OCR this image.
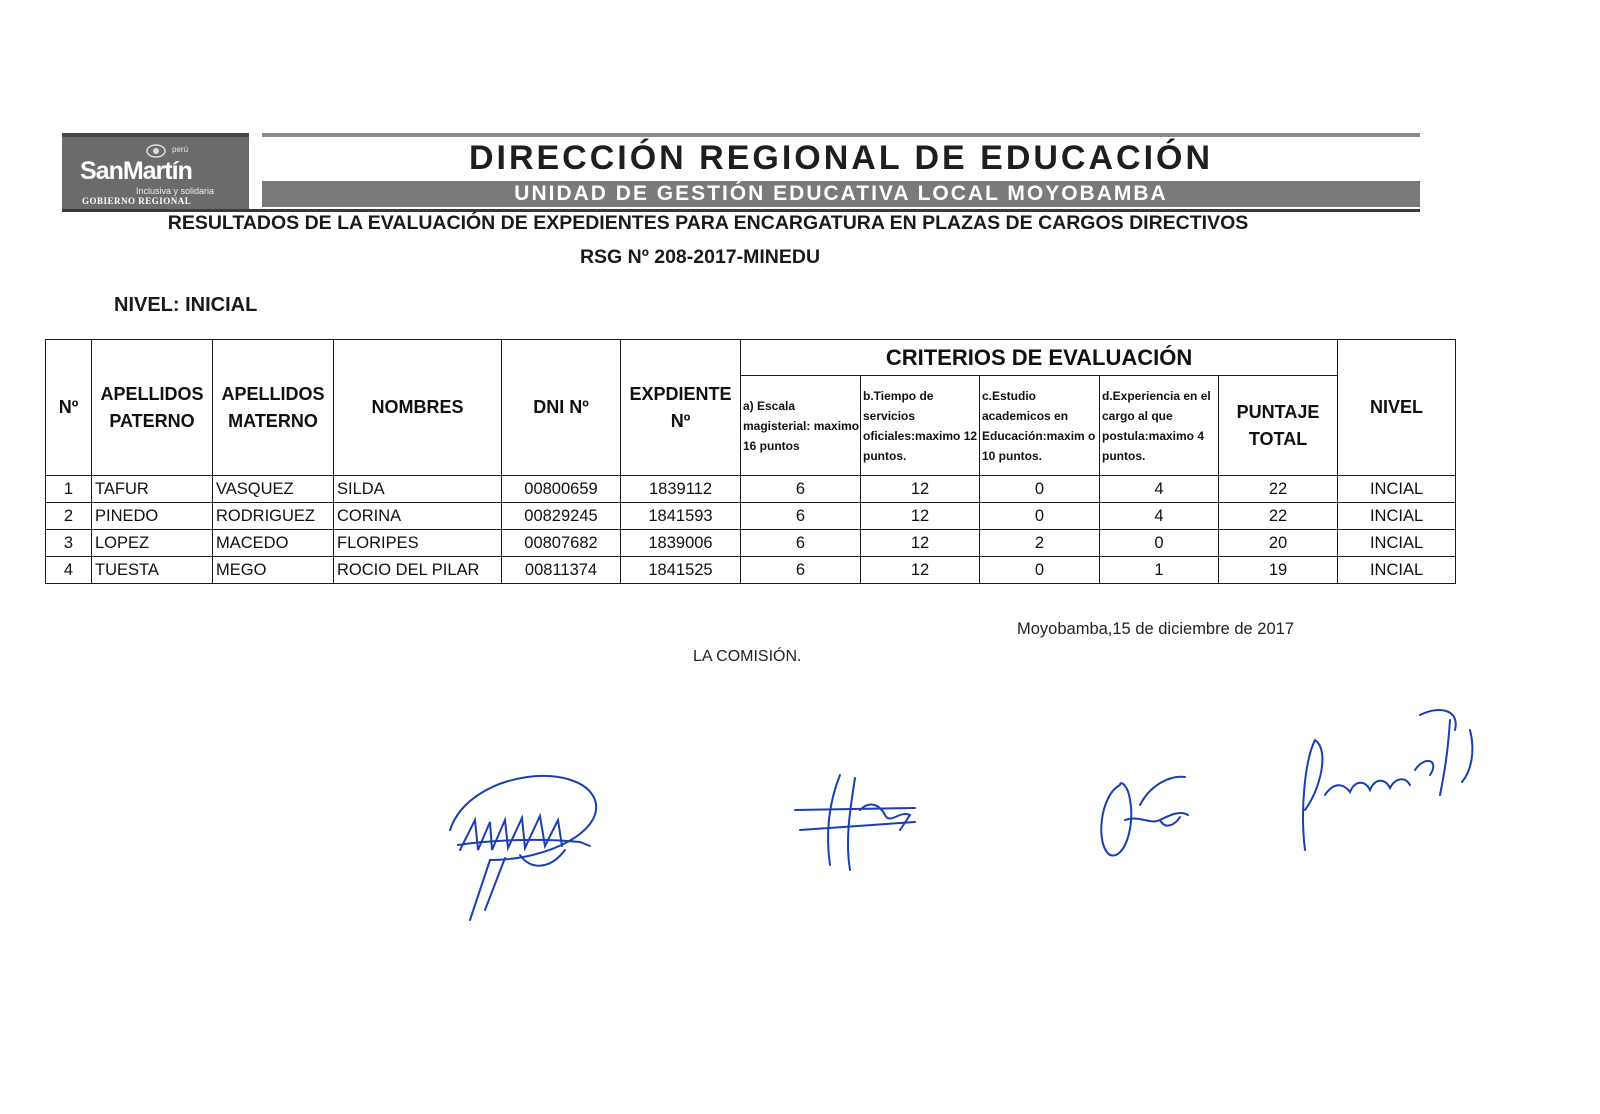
perú
SanMartín
Inclusiva y solidaria
GOBIERNO REGIONAL
DIRECCIÓN REGIONAL DE EDUCACIÓN
UNIDAD DE GESTIÓN EDUCATIVA LOCAL MOYOBAMBA
RESULTADOS DE LA EVALUACIÓN DE EXPEDIENTES PARA ENCARGATURA EN PLAZAS DE CARGOS DIRECTIVOS
RSG Nº 208-2017-MINEDU
NIVEL: INICIAL
Nº	APELLIDOS PATERNO	APELLIDOS MATERNO	NOMBRES	DNI Nº	EXPDIENTE Nº	CRITERIOS DE EVALUACIÓN					NIVEL
						a) Escala magisterial: maximo 16 puntos	b.Tiempo de servicios oficiales:maximo 12 puntos.	c.Estudio academicos en Educación:maxim o 10 puntos.	d.Experiencia en el cargo al que postula:maximo 4 puntos.	PUNTAJE TOTAL	
1	TAFUR	VASQUEZ	SILDA	00800659	1839112	6	12	0	4	22	INCIAL
2	PINEDO	RODRIGUEZ	CORINA	00829245	1841593	6	12	0	4	22	INCIAL
3	LOPEZ	MACEDO	FLORIPES	00807682	1839006	6	12	2	0	20	INCIAL
4	TUESTA	MEGO	ROCIO DEL PILAR	00811374	1841525	6	12	0	1	19	INCIAL
Moyobamba,15 de diciembre de 2017
LA COMISIÓN.
